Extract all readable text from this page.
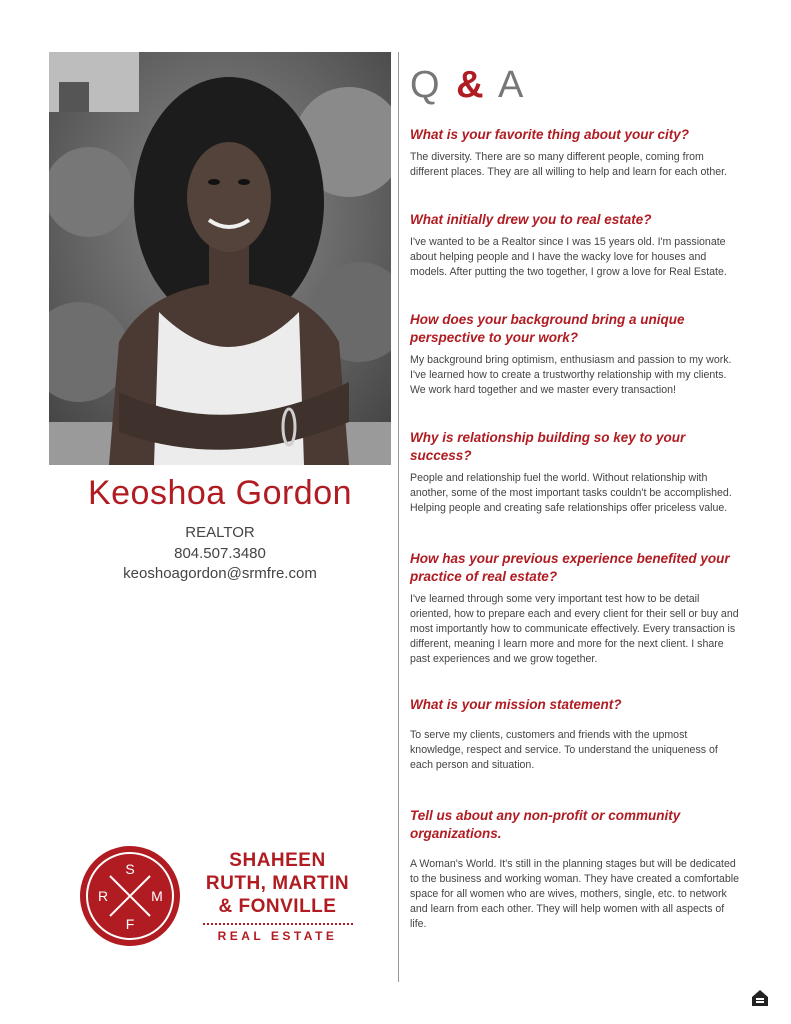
Keoshoa Gordon
REALTOR
804.507.3480
keoshoagordon@srmfre.com
S
R	M
F
SHAHEEN
RUTH, MARTIN
& FONVILLE
REAL ESTATE
Q & A
What is your favorite thing about your city?
The diversity. There are so many different people, coming from different places. They are all willing to help and learn for each other.
What initially drew you to real estate?
I've wanted to be a Realtor since I was 15 years old. I'm passionate about helping people and I have the wacky love for houses and models. After putting the two together, I grow a love for Real Estate.
How does your background bring a unique perspective to your work?
My background bring optimism, enthusiasm and passion to my work. I've learned how to create a trustworthy relationship with my clients. We work hard together and we master every transaction!
Why is relationship building so key to your success?
People and relationship fuel the world. Without relationship with another, some of the most important tasks couldn't be accomplished. Helping people and creating safe relationships offer priceless value.
How has your previous experience benefited your practice of real estate?
I've learned through some very important test how to be detail oriented, how to prepare each and every client for their sell or buy and most importantly how to communicate effectively. Every transaction is different, meaning I learn more and more for the next client. I share past experiences and we grow together.
What is your mission statement?
To serve my clients, customers and friends with the upmost knowledge, respect and service. To understand the uniqueness of each person and situation.
Tell us about any non-profit or community organizations.
A Woman's World. It's still in the planning stages but will be dedicated to the business and working woman. They have created a comfortable space for all women who are wives, mothers, single, etc. to network and learn from each other. They will help women with all aspects of life.
